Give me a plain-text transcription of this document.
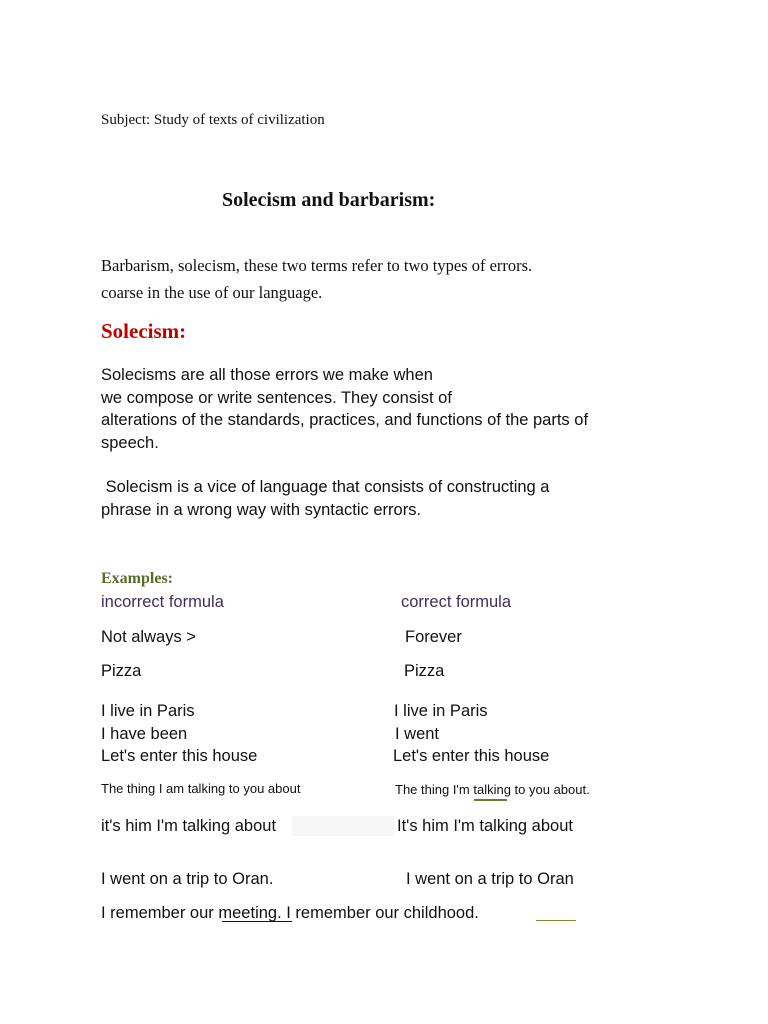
Subject: Study of texts of civilization

Solecism and barbarism:

Barbarism, solecism, these two terms refer to two types of errors.

coarse in the use of our language.

Solecism:
Solecisms are all those errors we make when
we compose or write sentences. They consist of
alterations of the standards, practices, and functions of the parts of
speech.
Solecism is a vice of language that consists of constructing a
phrase in a wrong way with syntactic errors.

Examples:

incorrect formula	correct formula

Not always >

Pizza

I live in Paris

I have been

Let's enter this house

The thing I am talking to you about

it's him I'm talking about

I went on a trip to Oran.

Forever

Pizza

I live in Paris

I went

Let's enter this house

The thing I'm talking to you about.

It's him I'm talking about

I went on a trip to Oran

I remember our meeting. I remember our childhood.
